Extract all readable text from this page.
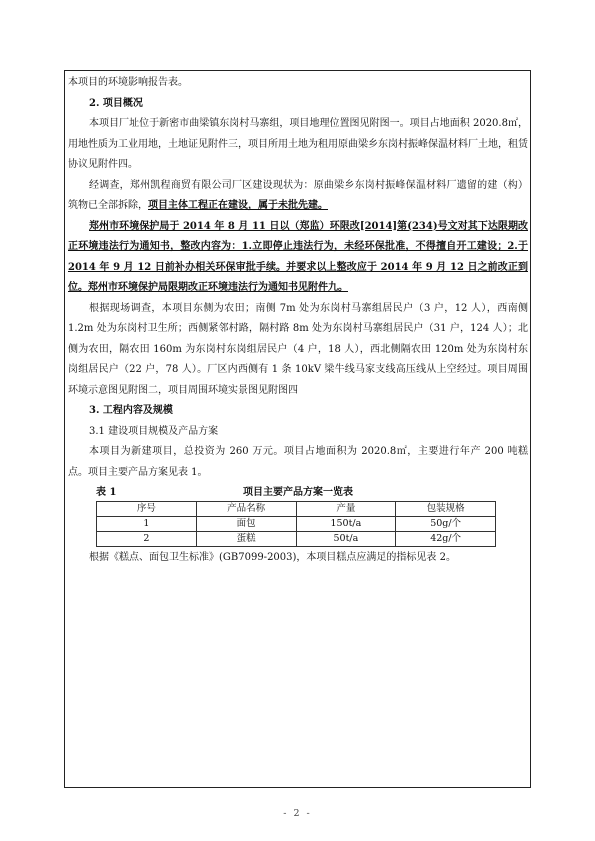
本项目的环境影响报告表。

2. 项目概况

本项目厂址位于新密市曲梁镇东岗村马寨组，项目地理位置图见附图一。项目占地面积 2020.8㎡，用地性质为工业用地，土地证见附件三，项目所用土地为租用原曲梁乡东岗村振峰保温材料厂土地，租赁协议见附件四。

经调查，郑州凯程商贸有限公司厂区建设现状为：原曲梁乡东岗村振峰保温材料厂遗留的建（构）筑物已全部拆除，项目主体工程正在建设，属于未批先建。

郑州市环境保护局于 2014 年 8 月 11 日以（郑监）环限改[2014]第(234)号文对其下达限期改正环境违法行为通知书，整改内容为：1.立即停止违法行为，未经环保批准，不得擅自开工建设；2.于 2014 年 9 月 12 日前补办相关环保审批手续。并要求以上整改应于 2014 年 9 月 12 日之前改正到位。郑州市环境保护局限期改正环境违法行为通知书见附件九。

根据现场调查，本项目东侧为农田；南侧 7m 处为东岗村马寨组居民户（3 户，12 人），西南侧 1.2m 处为东岗村卫生所；西侧紧邻村路，隔村路 8m 处为东岗村马寨组居民户（31 户，124 人）；北侧为农田，隔农田 160m 为东岗村东岗组居民户（4 户，18 人），西北侧隔农田 120m 处为东岗村东岗组居民户（22 户，78 人）。厂区内西侧有 1 条 10kV 梁牛线马家支线高压线从上空经过。项目周围环境示意图见附图二，项目周围环境实景图见附图四

3. 工程内容及规模

3.1 建设项目规模及产品方案

本项目为新建项目，总投资为 260 万元。项目占地面积为 2020.8㎡，主要进行年产 200 吨糕点。项目主要产品方案见表 1。

表 1	项目主要产品方案一览表
序号	产品名称	产量	包装规格
1	面包	150t/a	50g/个
2	蛋糕	50t/a	42g/个

根据《糕点、面包卫生标准》(GB7099-2003)，本项目糕点应满足的指标见表 2。

- 2 -
